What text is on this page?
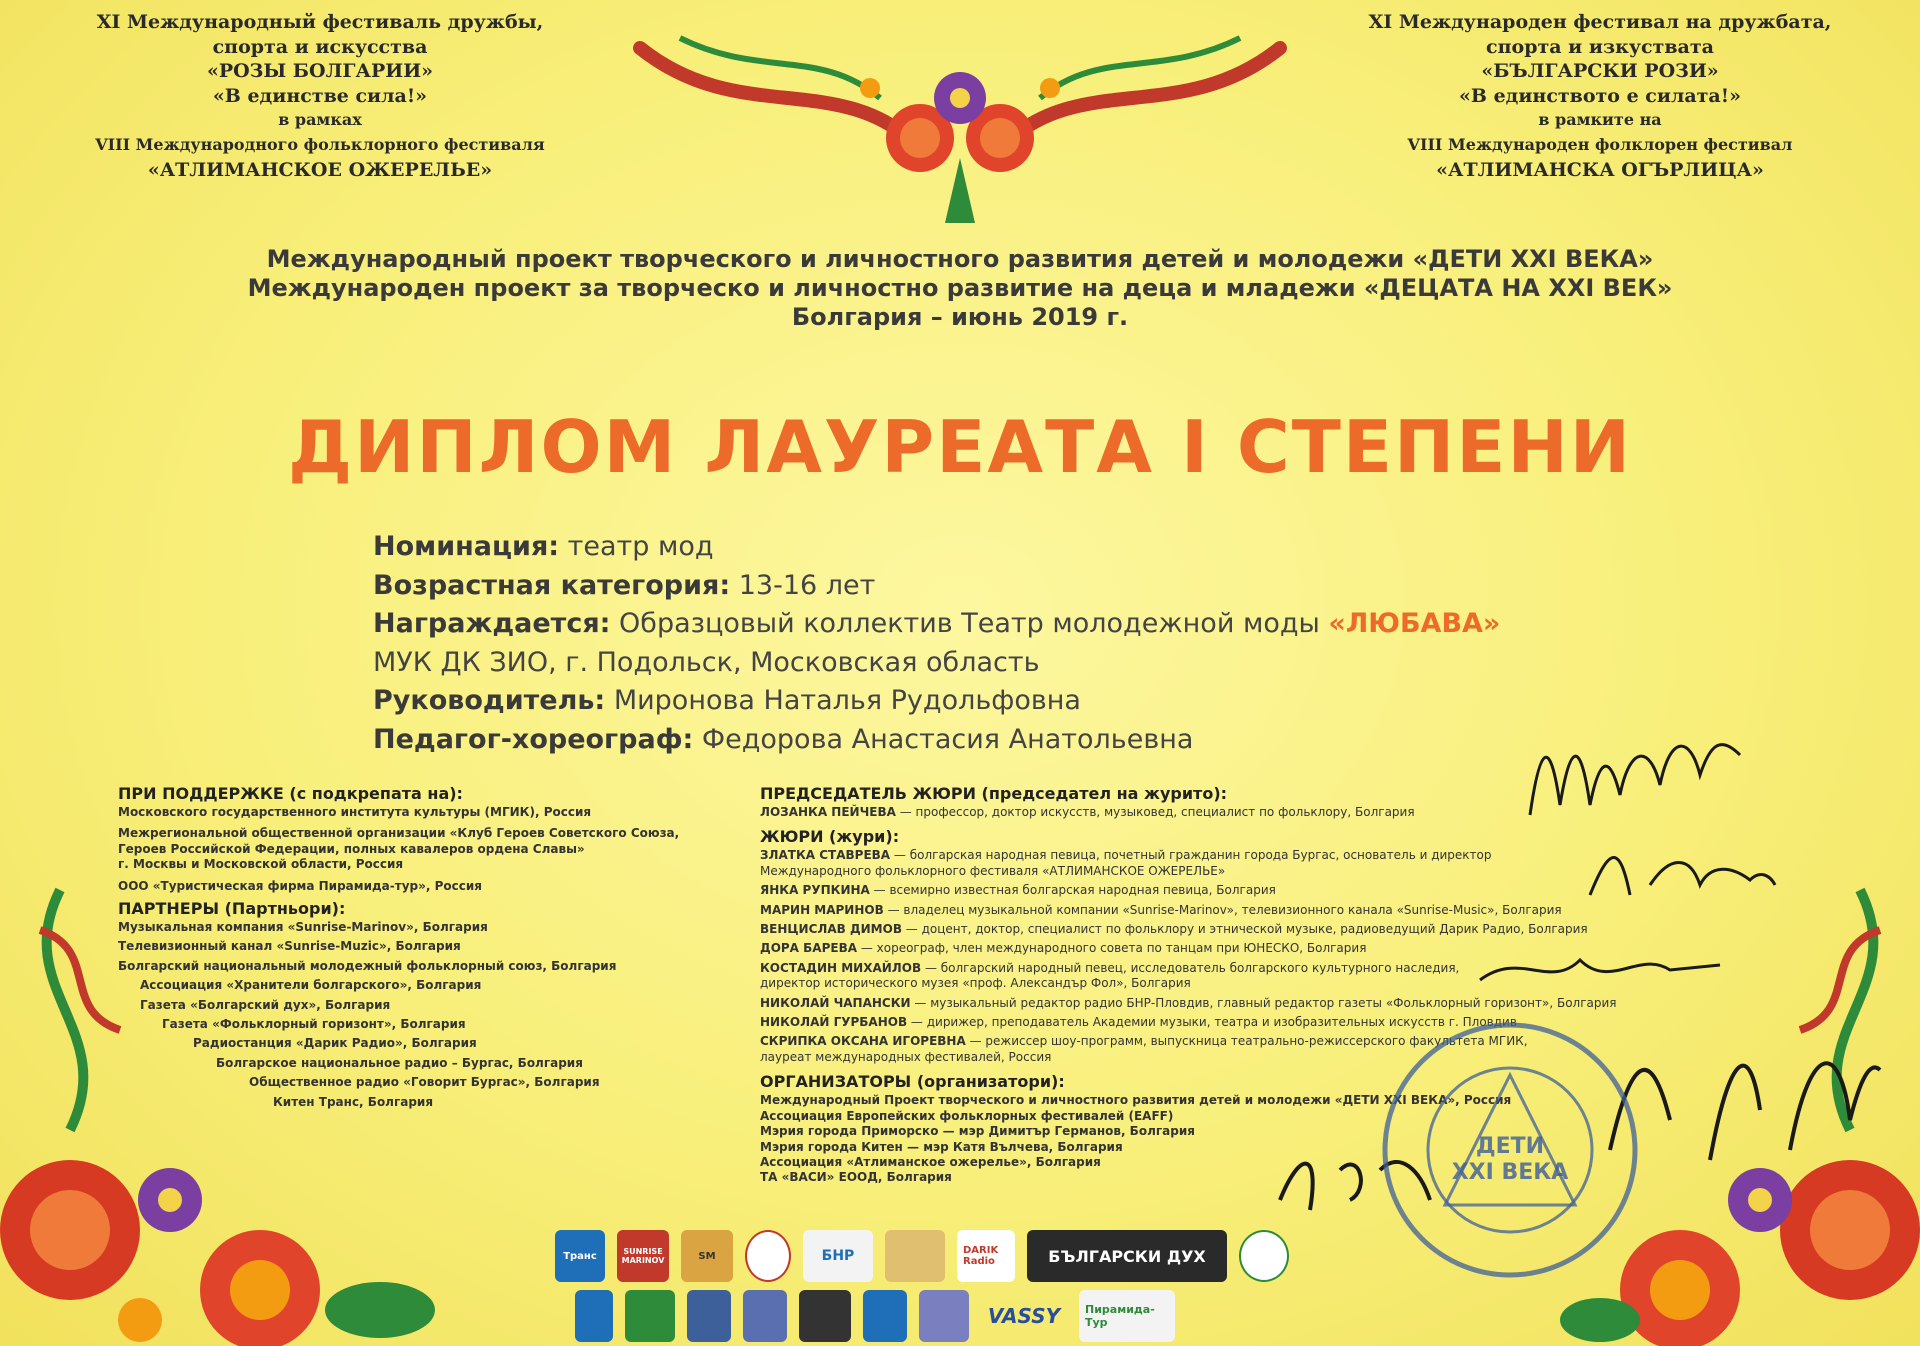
XI Международный фестиваль дружбы,
спорта и искусства
«РОЗЫ БОЛГАРИИ»
«В единстве сила!»
в рамках
VIII Международного фольклорного фестиваля
«АТЛИМАНСКОЕ ОЖЕРЕЛЬЕ»
XI Международен фестивал на дружбата,
спорта и изкуствата
«БЪЛГАРСКИ РОЗИ»
«В единството е силата!»
в рамките на
VIII Международен фолклорен фестивал
«АТЛИМАНСКА ОГЪРЛИЦА»
Международный проект творческого и личностного развития детей и молодежи «ДЕТИ XXI ВЕКА»
Международен проект за творческо и личностно развитие на деца и младежи «ДЕЦАТА НА XXI ВЕК»
Болгария – июнь 2019 г.
ДИПЛОМ ЛАУРЕАТА I СТЕПЕНИ
Номинация: театр мод
Возрастная категория: 13-16 лет
Награждается: Образцовый коллектив Театр молодежной моды «ЛЮБАВА»
МУК ДК ЗИО, г. Подольск, Московская область
Руководитель: Миронова Наталья Рудольфовна
Педагог-хореограф: Федорова Анастасия Анатольевна
ПРИ ПОДДЕРЖКЕ (с подкрепата на):
Московского государственного института культуры (МГИК), Россия
Межрегиональной общественной организации «Клуб Героев Советского Союза,
Героев Российской Федерации, полных кавалеров ордена Славы»
г. Москвы и Московской области, Россия
ООО «Туристическая фирма Пирамида-тур», Россия
ПАРТНЕРЫ (Партньори):
Музыкальная компания «Sunrise-Marinov», Болгария
Телевизионный канал «Sunrise-Muzic», Болгария
Болгарский национальный молодежный фольклорный союз, Болгария
Ассоциация «Хранители болгарского», Болгария
Газета «Болгарский дух», Болгария
Газета «Фольклорный горизонт», Болгария
Радиостанция «Дарик Радио», Болгария
Болгарское национальное радио – Бургас, Болгария
Общественное радио «Говорит Бургас», Болгария
Китен Транс, Болгария
ПРЕДСЕДАТЕЛЬ ЖЮРИ (председател на журито):
ЛОЗАНКА ПЕЙЧЕВА — профессор, доктор искусств, музыковед, специалист по фольклору, Болгария
ЖЮРИ (жури):
ЗЛАТКА СТАВРЕВА — болгарская народная певица, почетный гражданин города Бургас, основатель и директор
Международного фольклорного фестиваля «АТЛИМАНСКОЕ ОЖЕРЕЛЬЕ»
ЯНКА РУПКИНА — всемирно известная болгарская народная певица, Болгария
МАРИН МАРИНОВ — владелец музыкальной компании «Sunrise-Marinov», телевизионного канала «Sunrise-Music», Болгария
ВЕНЦИСЛАВ ДИМОВ — доцент, доктор, специалист по фольклору и этнической музыке, радиоведущий Дарик Радио, Болгария
ДОРА БАРЕВА — хореограф, член международного совета по танцам при ЮНЕСКО, Болгария
КОСТАДИН МИХАЙЛОВ — болгарский народный певец, исследователь болгарского культурного наследия,
директор исторического музея «проф. Александър Фол», Болгария
НИКОЛАЙ ЧАПАНСКИ — музыкальный редактор радио БНР-Пловдив, главный редактор газеты «Фольклорный горизонт», Болгария
НИКОЛАЙ ГУРБАНОВ — дирижер, преподаватель Академии музыки, театра и изобразительных искусств г. Пловдив
СКРИПКА ОКСАНА ИГОРЕВНА — режиссер шоу-программ, выпускница театрально-режиссерского факультета МГИК,
лауреат международных фестивалей, Россия
ОРГАНИЗАТОРЫ (организатори):
Международный Проект творческого и личностного развития детей и молодежи «ДЕТИ XXI ВЕКА», Россия
Ассоциация Европейских фольклорных фестивалей (EAFF)
Мэрия города Приморско — мэр Димитър Германов, Болгария
Мэрия города Китен — мэр Катя Вълчева, Болгария
Ассоциация «Атлиманское ожерелье», Болгария
ТА «ВАСИ» ЕООД, Болгария
ДЕТИ
XXI ВЕКА
Транс	SUNRISE MARINOV	SM	БНР	DARIK Radio	БЪЛГАРСКИ ДУХ
VASSY	Пирамида-Тур
